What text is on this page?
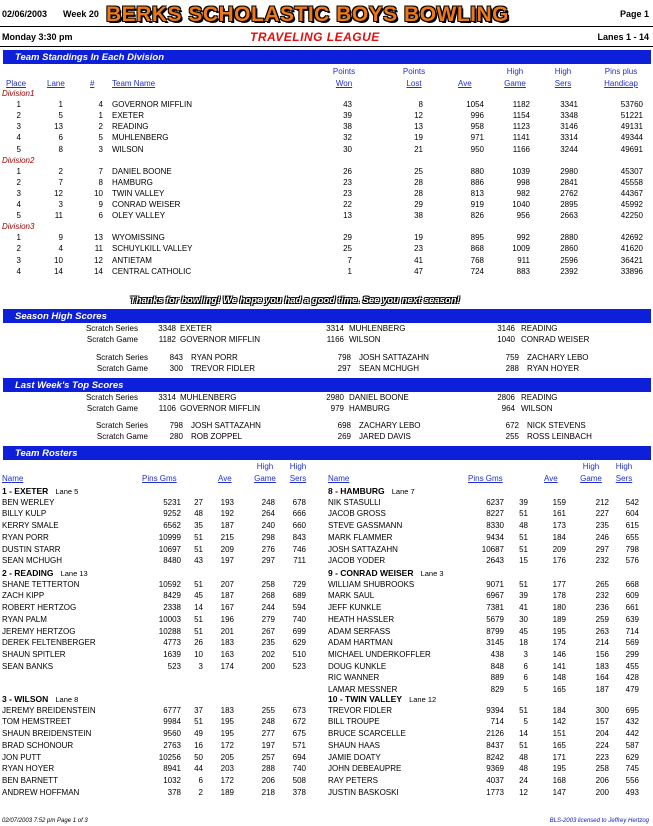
02/06/2003 Week 20 BERKS SCHOLASTIC BOYS BOWLING	Page 1
Monday 3:30 pm	TRAVELING LEAGUE	Lanes 1 - 14
Team Standings In Each Division
Place	Lane	# Team Name
Points
Won
Points
Lost	Ave
High
Game
High
Sers
Pins plus
Handicap
Division1
1	1	4 GOVERNOR MIFFLIN	43	8	1054	1182	3341	53760
2	5	1 EXETER	39	12	996	1154	3348	51221
3	13	2 READING	38	13	958	1123	3146	49131
4	6	5 MUHLENBERG	32	19	971	1141	3314	49344
5	8	3 WILSON	30	21	950	1166	3244	49691
Division2
1	2	7 DANIEL BOONE	26	25	880	1039	2980	45307
2	7	8 HAMBURG	23	28	886	998	2841	45558
3	12	10 TWIN VALLEY	23	28	813	982	2762	44367
4	3	9 CONRAD WEISER	22	29	919	1040	2895	45992
5	11	6 OLEY VALLEY	13	38	826	956	2663	42250
Division3
1	9	13 WYOMISSING	29	19	895	992	2880	42692
2	4	11 SCHUYLKILL VALLEY	25	23	868	1009	2860	41620
3	10	12 ANTIETAM	7	41	768	911	2596	36421
4	14	14 CENTRAL CATHOLIC	1	47	724	883	2392	33896
Thanks for bowling! We hope you had a good time. See you next season!
Season High Scores
Scratch Series	3348 EXETER	3314 MUHLENBERG	3146 READING
Scratch Game	1182 GOVERNOR MIFFLIN	1166 WILSON	1040 CONRAD WEISER
Scratch Series	843 RYAN PORR	798 JOSH SATTAZAHN	759 ZACHARY LEBO
Scratch Game	300 TREVOR FIDLER	297 SEAN MCHUGH	288 RYAN HOYER
Last Week's Top Scores
Scratch Series	3314 MUHLENBERG	2980 DANIEL BOONE	2806 READING
Scratch Game	1106 GOVERNOR MIFFLIN	979 HAMBURG	964 WILSON
Scratch Series	798 JOSH SATTAZAHN	698 ZACHARY LEBO	672 NICK STEVENS
Scratch Game	280 ROB ZOPPEL	269 JARED DAVIS	255 ROSS LEINBACH
Team Rosters
Name	Pins Gms	Ave
High
Game
High
Sers	Name	Pins Gms	Ave
High
Game
High
Sers
1 - EXETER Lane 5
BEN WERLEY	5231 27 193	248 678
BILLY KULP	9252 48 192	264 666
KERRY SMALE	6562 35 187	240 660
RYAN PORR	10999 51 215	298 843
DUSTIN STARR	10697 51 209	276 746
SEAN MCHUGH	8480 43 197	297 711
2 - READING Lane 13
SHANE TETTERTON	10592 51 207	258 729
ZACH KIPP	8429 45 187	268 689
ROBERT HERTZOG	2338 14 167	244 594
RYAN PALM	10003 51 196	279 740
JEREMY HERTZOG	10288 51 201	267 699
DEREK FELTENBERGER	4773 26 183	235 629
SHAUN SPITLER	1639 10 163	202 510
SEAN BANKS	523 3 174	200 523
3 - WILSON Lane 8
JEREMY BREIDENSTEIN	6777 37 183	255 673
TOM HEMSTREET	9984 51 195	248 672
SHAUN BREIDENSTEIN	9560 49 195	277 675
BRAD SCHONOUR	2763 16 172	197 571
JON PUTT	10256 50 205	257 694
RYAN HOYER	8941 44 203	288 740
BEN BARNETT	1032 6 172	206 508
ANDREW HOFFMAN	378 2 189	218 378
8 - HAMBURG Lane 7
NIK STASULLI	6237 39	159	212 542
JACOB GROSS	8227 51	161	227 604
STEVE GASSMANN	8330 48	173	235 615
MARK FLAMMER	9434 51	184	246 655
JOSH SATTAZAHN	10687 51	209	297 798
JACOB YODER	2643 15	176	232 576
9 - CONRAD WEISER Lane 3
WILLIAM SHUBROOKS	9071 51	177	265 668
MARK SAUL	6967 39	178	232 609
JEFF KUNKLE	7381 41	180	236 661
HEATH HASSLER	5679 30	189	259 639
ADAM SERFASS	8799 45	195	263 714
ADAM HARTMAN	3145 18	174	214 569
MICHAEL UNDERKOFFLER	438 3	146	156 299
DOUG KUNKLE	848 6	141	183 455
RIC WANNER	889 6	148	164 428
LAMAR MESSNER	829 5	165	187 479
10 - TWIN VALLEY Lane 12
TREVOR FIDLER	9394 51	184	300 695
BILL TROUPE	714 5	142	157 432
BRUCE SCARCELLE	2126 14	151	204 442
SHAUN HAAS	8437 51	165	224 587
JAMIE DOATY	8242 48	171	223 629
JOHN DEBEAUPRE	9369 48	195	258 745
RAY PETERS	4037 24	168	206 556
JUSTIN BASKOSKI	1773 12	147	200 493
02/07/2003 7:52 pm Page 1 of 3	BLS-2003 licensed to Jeffrey Hertzog
